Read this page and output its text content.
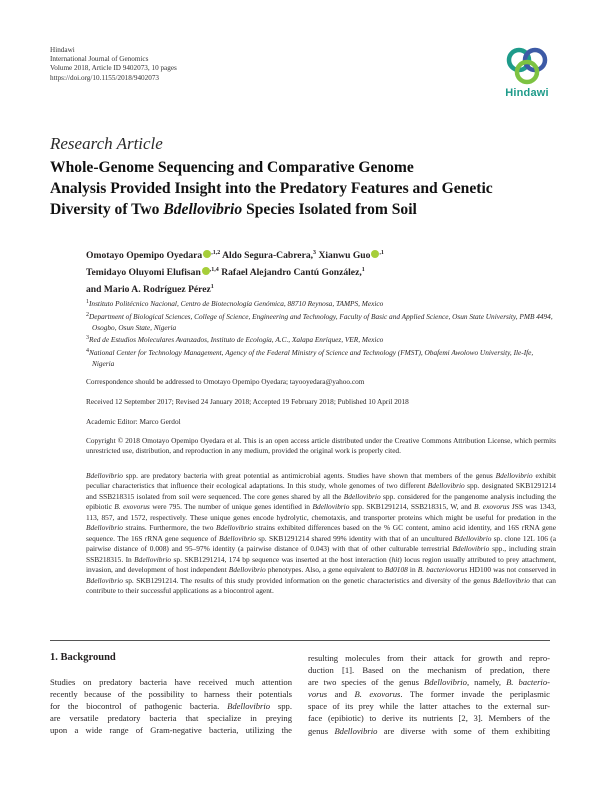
Hindawi
International Journal of Genomics
Volume 2018, Article ID 9402073, 10 pages
https://doi.org/10.1155/2018/9402073
Hindawi
Research Article
Whole-Genome Sequencing and Comparative Genome
Analysis Provided Insight into the Predatory Features and Genetic
Diversity of Two Bdellovibrio Species Isolated from Soil
Omotayo Opemipo Oyedara $^{,1,2}$ Aldo Segura-Cabrera,$^3$ Xianwu Guo $^{,1}$
Temidayo Oluyomi Elufisan $^{,1,4}$ Rafael Alejandro Cantú González,$^1$
and Mario A. Rodríguez Pérez$^1$
$^1$Instituto Politécnico Nacional, Centro de Biotecnología Genómica, 88710 Reynosa, TAMPS, Mexico
$^2$Department of Biological Sciences, College of Science, Engineering and Technology, Faculty of Basic and Applied Science, Osun State University, PMB 4494, Osogbo, Osun State, Nigeria
$^3$Red de Estudios Moleculares Avanzados, Instituto de Ecología, A.C., Xalapa Enríquez, VER, Mexico
$^4$National Center for Technology Management, Agency of the Federal Ministry of Science and Technology (FMST), Obafemi Awolowo University, Ile-Ife, Nigeria
Correspondence should be addressed to Omotayo Opemipo Oyedara; tayooyedara@yahoo.com
Received 12 September 2017; Revised 24 January 2018; Accepted 19 February 2018; Published 10 April 2018
Academic Editor: Marco Gerdol
Copyright © 2018 Omotayo Opemipo Oyedara et al. This is an open access article distributed under the Creative Commons Attribution License, which permits unrestricted use, distribution, and reproduction in any medium, provided the original work is properly cited.
Bdellovibrio spp. are predatory bacteria with great potential as antimicrobial agents. Studies have shown that members of the genus Bdellovibrio exhibit peculiar characteristics that influence their ecological adaptations. In this study, whole genomes of two different Bdellovibrio spp. designated SKB1291214 and SSB218315 isolated from soil were sequenced. The core genes shared by all the Bdellovibrio spp. considered for the pangenome analysis including the epibiotic B. exovorus were 795. The number of unique genes identified in Bdellovibrio spp. SKB1291214, SSB218315, W, and B. exovorus JSS was 1343, 113, 857, and 1572, respectively. These unique genes encode hydrolytic, chemotaxis, and transporter proteins which might be useful for predation in the Bdellovibrio strains. Furthermore, the two Bdellovibrio strains exhibited differences based on the % GC content, amino acid identity, and 16S rRNA gene sequence. The 16S rRNA gene sequence of Bdellovibrio sp. SKB1291214 shared 99% identity with that of an uncultured Bdellovibrio sp. clone 12L 106 (a pairwise distance of 0.008) and 95–97% identity (a pairwise distance of 0.043) with that of other culturable terrestrial Bdellovibrio spp., including strain SSB218315. In Bdellovibrio sp. SKB1291214, 174 bp sequence was inserted at the host interaction (hit) locus region usually attributed to prey attachment, invasion, and development of host independent Bdellovibrio phenotypes. Also, a gene equivalent to Bd0108 in B. bacteriovorus HD100 was not conserved in Bdellovibrio sp. SKB1291214. The results of this study provided information on the genetic characteristics and diversity of the genus Bdellovibrio that can contribute to their successful applications as a biocontrol agent.
1. Background
Studies on predatory bacteria have received much attention
recently because of the possibility to harness their potentials
for the biocontrol of pathogenic bacteria. Bdellovibrio spp.
are versatile predatory bacteria that specialize in preying
upon a wide range of Gram-negative bacteria, utilizing the
resulting molecules from their attack for growth and repro-
duction [1]. Based on the mechanism of predation, there
are two species of the genus Bdellovibrio, namely, B. bacterio-
vorus and B. exovorus. The former invade the periplasmic
space of its prey while the latter attaches to the external sur-
face (epibiotic) to derive its nutrients [2, 3]. Members of the
genus Bdellovibrio are diverse with some of them exhibiting
